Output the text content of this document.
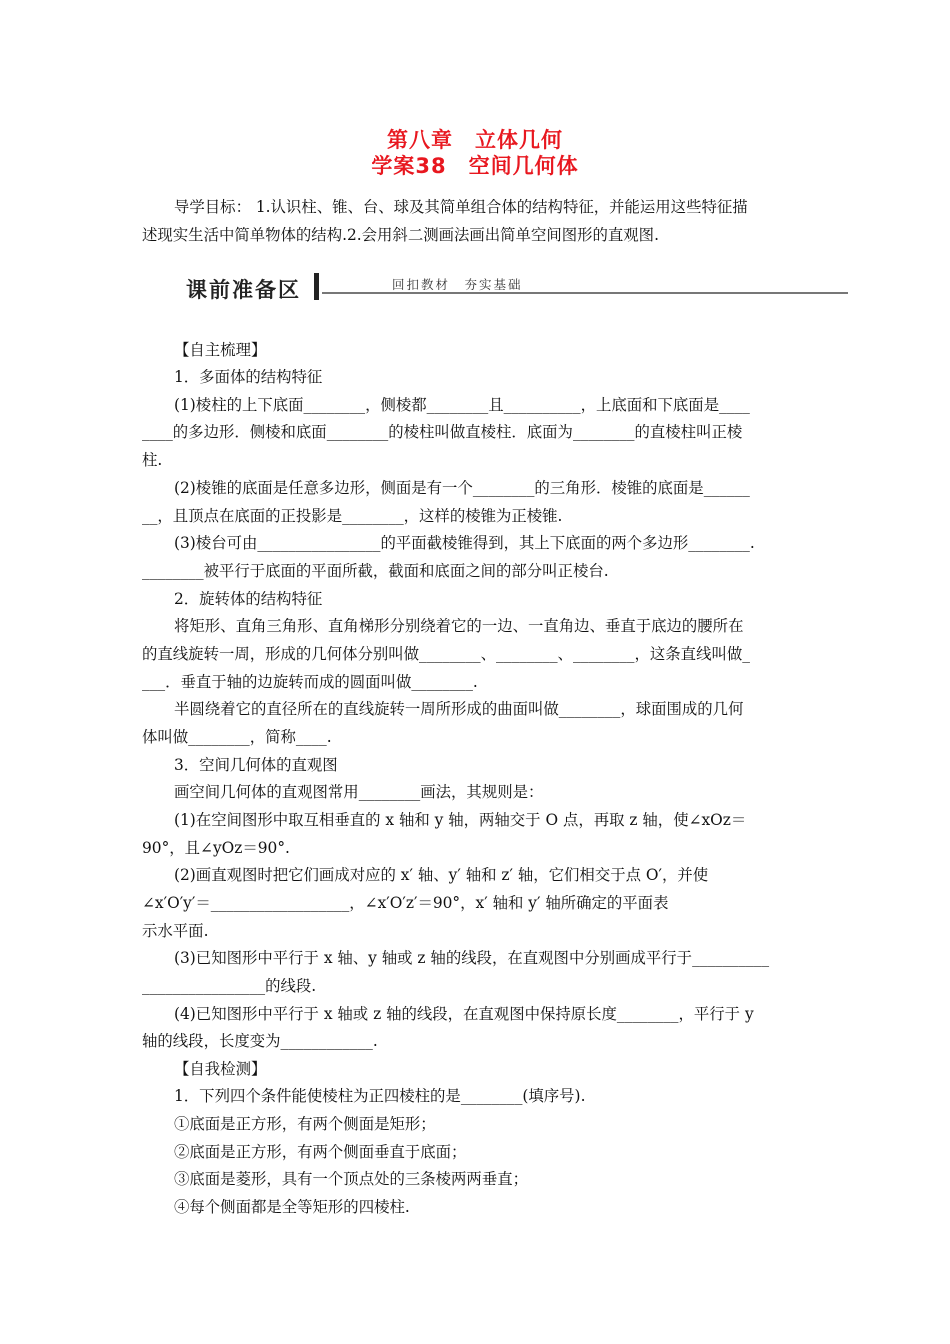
第八章　立体几何
学案38　空间几何体
导学目标： 1.认识柱、锥、台、球及其简单组合体的结构特征，并能运用这些特征描
述现实生活中简单物体的结构.2.会用斜二测画法画出简单空间图形的直观图.
课前准备区	回扣教材　夯实基础
【自主梳理】
1．多面体的结构特征
(1)棱柱的上下底面________，侧棱都________且__________，上底面和下底面是____
____的多边形．侧棱和底面________的棱柱叫做直棱柱．底面为________的直棱柱叫正棱
柱.
(2)棱锥的底面是任意多边形，侧面是有一个________的三角形．棱锥的底面是______
__，且顶点在底面的正投影是________，这样的棱锥为正棱锥.
(3)棱台可由________________的平面截棱锥得到，其上下底面的两个多边形________.
________被平行于底面的平面所截，截面和底面之间的部分叫正棱台.
2．旋转体的结构特征
将矩形、直角三角形、直角梯形分别绕着它的一边、一直角边、垂直于底边的腰所在
的直线旋转一周，形成的几何体分别叫做________、________、________，这条直线叫做_
___．垂直于轴的边旋转而成的圆面叫做________.
半圆绕着它的直径所在的直线旋转一周所形成的曲面叫做________，球面围成的几何
体叫做________，简称____.
3．空间几何体的直观图
画空间几何体的直观图常用________画法，其规则是：
(1)在空间图形中取互相垂直的 x 轴和 y 轴，两轴交于 O 点，再取 z 轴，使∠xOz＝
90°，且∠yOz＝90°.
(2)画直观图时把它们画成对应的 x′ 轴、y′ 轴和 z′ 轴，它们相交于点 O′，并使
∠x′O′y′＝__________________，∠x′O′z′＝90°，x′ 轴和 y′ 轴所确定的平面表
示水平面.
(3)已知图形中平行于 x 轴、y 轴或 z 轴的线段，在直观图中分别画成平行于__________
________________的线段.
(4)已知图形中平行于 x 轴或 z 轴的线段，在直观图中保持原长度________，平行于 y
轴的线段，长度变为____________.
【自我检测】
1．下列四个条件能使棱柱为正四棱柱的是________(填序号).
①底面是正方形，有两个侧面是矩形；
②底面是正方形，有两个侧面垂直于底面；
③底面是菱形，具有一个顶点处的三条棱两两垂直；
④每个侧面都是全等矩形的四棱柱.
